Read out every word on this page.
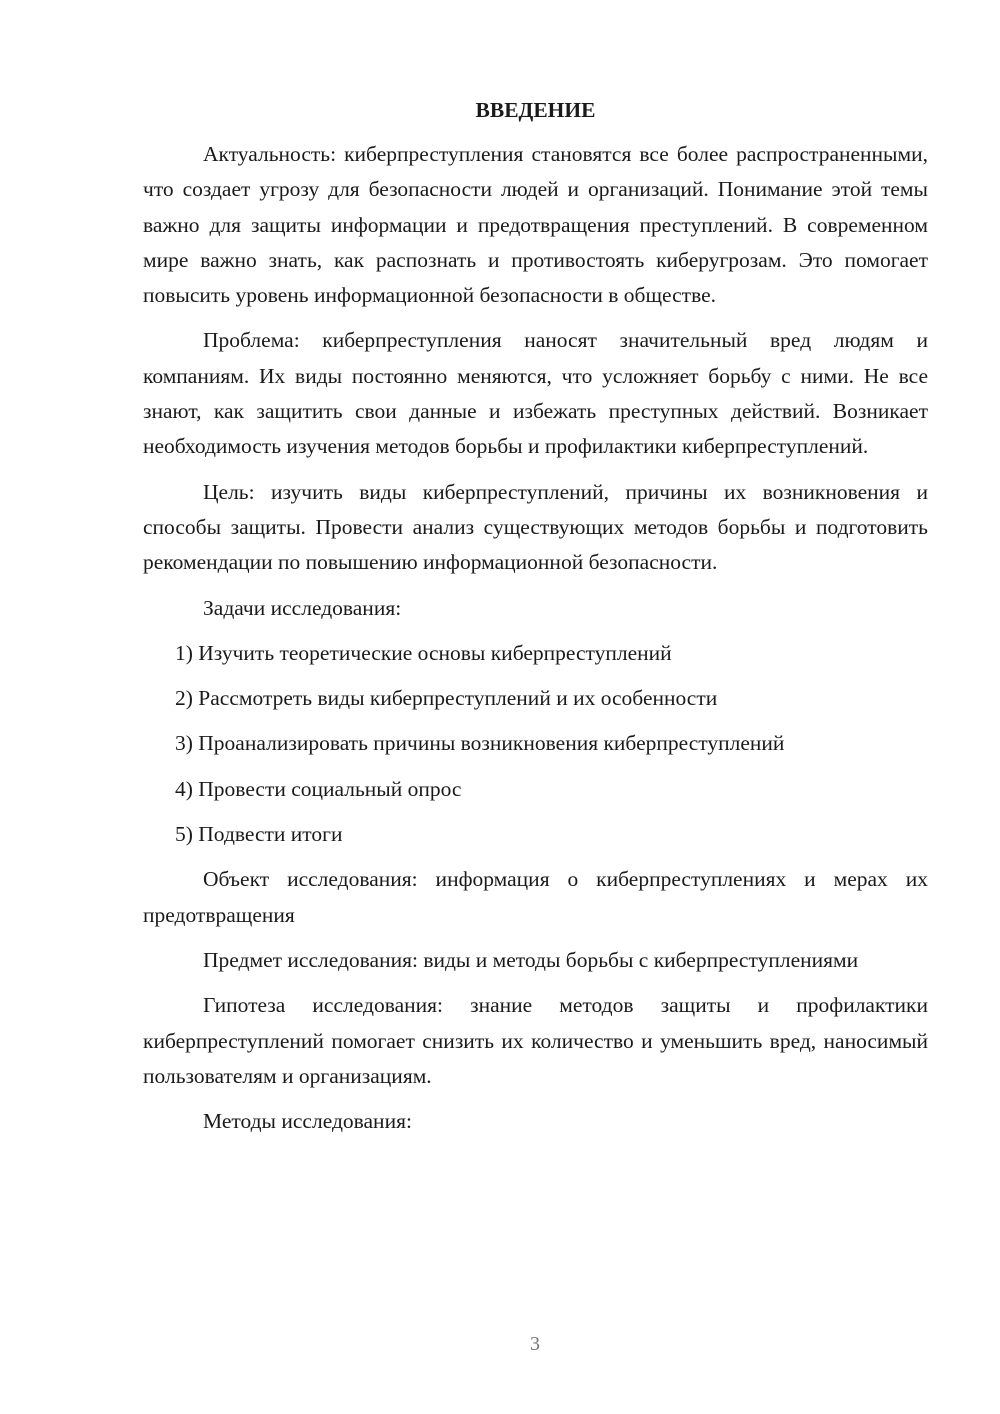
ВВЕДЕНИЕ

Актуальность: киберпреступления становятся все более распространенными, что создает угрозу для безопасности людей и организаций. Понимание этой темы важно для защиты информации и предотвращения преступлений. В современном мире важно знать, как распознать и противостоять киберугрозам. Это помогает повысить уровень информационной безопасности в обществе.

Проблема: киберпреступления наносят значительный вред людям и компаниям. Их виды постоянно меняются, что усложняет борьбу с ними. Не все знают, как защитить свои данные и избежать преступных действий. Возникает необходимость изучения методов борьбы и профилактики киберпреступлений.

Цель: изучить виды киберпреступлений, причины их возникновения и способы защиты. Провести анализ существующих методов борьбы и подготовить рекомендации по повышению информационной безопасности.

Задачи исследования:

1) Изучить теоретические основы киберпреступлений
2) Рассмотреть виды киберпреступлений и их особенности
3) Проанализировать причины возникновения киберпреступлений
4) Провести социальный опрос
5) Подвести итоги

Объект исследования: информация о киберпреступлениях и мерах их предотвращения

Предмет исследования: виды и методы борьбы с киберпреступлениями

Гипотеза исследования: знание методов защиты и профилактики киберпреступлений помогает снизить их количество и уменьшить вред, наносимый пользователям и организациям.

Методы исследования:

3
